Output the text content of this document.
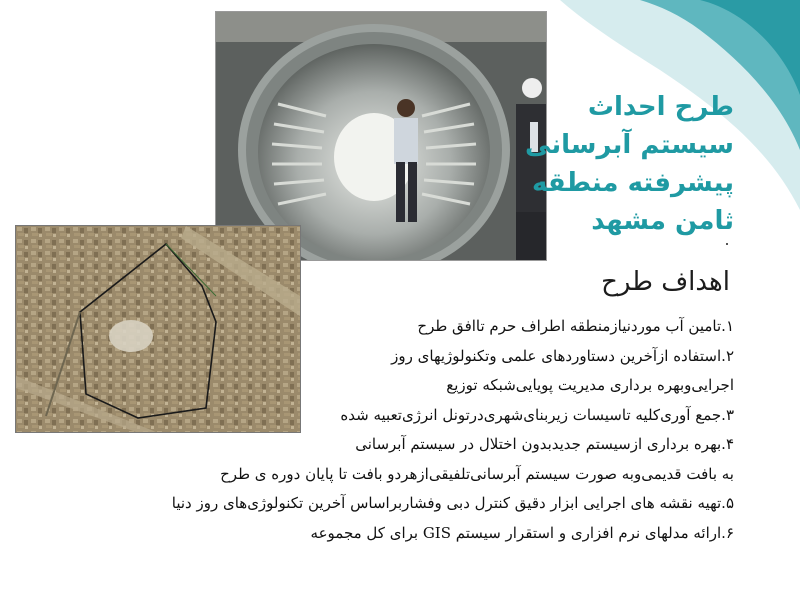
طرح احداث
سیستم آبرسانی
پیشرفته منطقه
ثامن مشهد
اهداف طرح
۱.تامین آب موردنیازمنطقه اطراف حرم تاافق طرح
۲.استفاده ازآخرین دستاوردهای علمی وتکنولوژیهای روز
اجرایی‌وبهره برداری مدیریت پویایی‌شبکه توزیع
۳.جمع آوری‌کلیه تاسیسات زیربنای‌شهری‌درتونل انرژی‌تعبیه شده
۴.بهره برداری ازسیستم جدیدبدون اختلال در سیستم آبرسانی
به بافت قدیمی‌وبه صورت سیستم آبرسانی‌تلفیقی‌ازهردو بافت تا پایان دوره ی طرح
۵.تهیه نقشه های اجرایی ابزار دقیق کنترل دبی وفشاربراساس آخرین تکنولوژی‌های روز دنیا
۶.ارائه مدلهای نرم افزاری و استقرار سیستم GIS برای کل مجموعه
